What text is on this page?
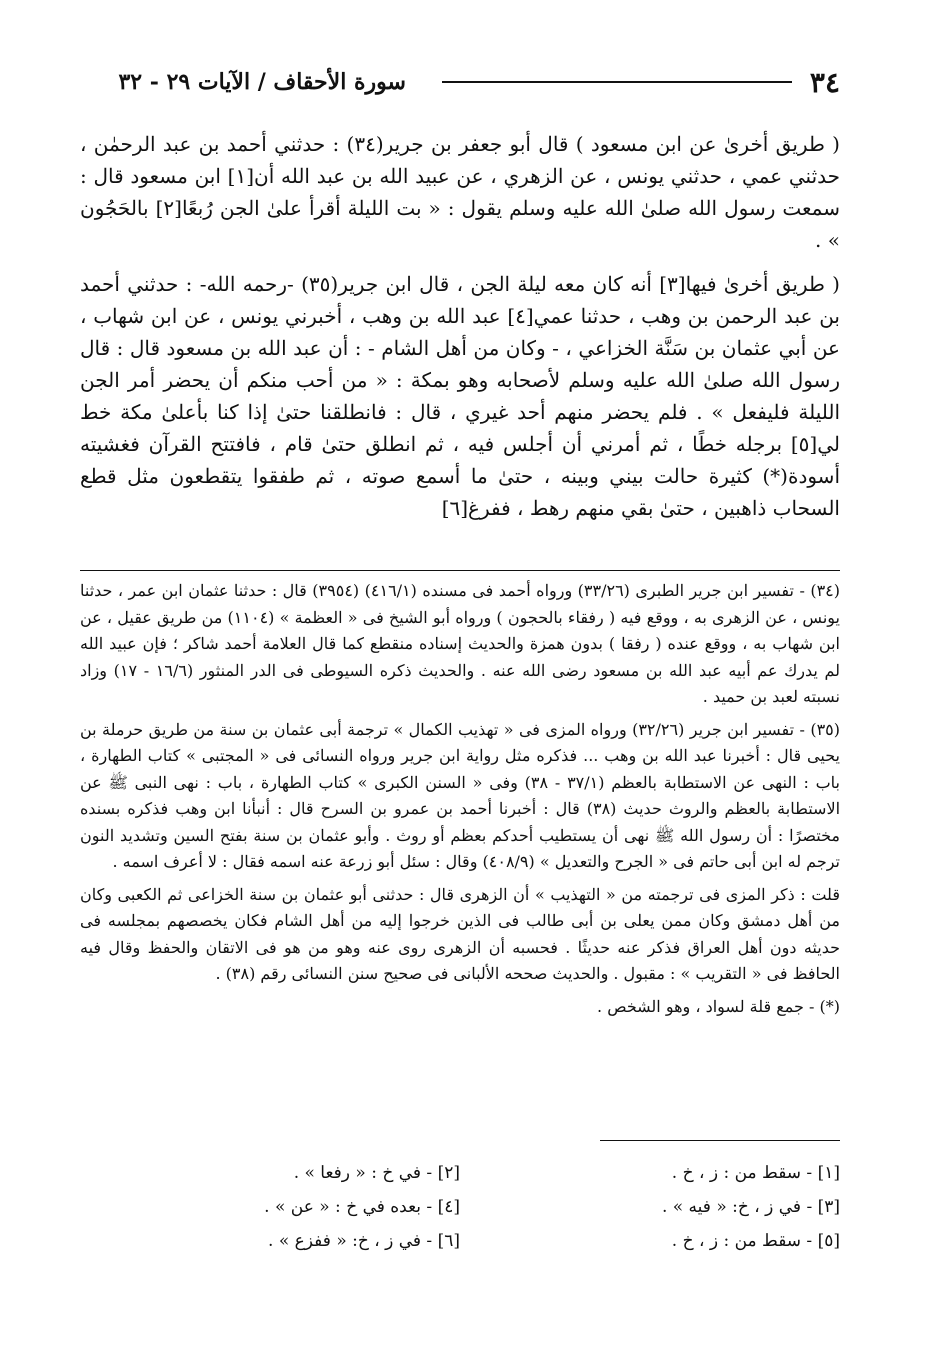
٣٤
سورة الأحقاف / الآيات ٢٩ - ٣٢

( طريق أخرىٰ عن ابن مسعود ) قال أبو جعفر بن جرير(٣٤) : حدثني أحمد بن عبد الرحمٰن ، حدثني عمي ، حدثني يونس ، عن الزهري ، عن عبيد الله بن عبد الله أن[١] ابن مسعود قال : سمعت رسول الله صلىٰ الله عليه وسلم يقول : « بت الليلة أقرأ علىٰ الجن رُبعًا[٢] بالحَجُون » .

( طريق أخرىٰ فيها[٣] أنه كان معه ليلة الجن ، قال ابن جرير(٣٥) -رحمه الله- : حدثني أحمد بن عبد الرحمن بن وهب ، حدثنا عمي[٤] عبد الله بن وهب ، أخبرني يونس ، عن ابن شهاب ، عن أبي عثمان بن سَنَّة الخزاعي ، - وكان من أهل الشام - : أن عبد الله بن مسعود قال : قال رسول الله صلىٰ الله عليه وسلم لأصحابه وهو بمكة : « من أحب منكم أن يحضر أمر الجن الليلة فليفعل » . فلم يحضر منهم أحد غيري ، قال : فانطلقنا حتىٰ إذا كنا بأعلىٰ مكة خط لي[٥] برجله خطًا ، ثم أمرني أن أجلس فيه ، ثم انطلق حتىٰ قام ، فافتتح القرآن فغشيته أسودة(*) كثيرة حالت بيني وبينه ، حتىٰ ما أسمع صوته ، ثم طفقوا يتقطعون مثل قطع السحاب ذاهبين ، حتىٰ بقي منهم رهط ، ففرغ[٦]

(٣٤) - تفسير ابن جرير الطبرى (٣٣/٢٦) ورواه أحمد فى مسنده (٤١٦/١) (٣٩٥٤) قال : حدثنا عثمان ابن عمر ، حدثنا يونس ، عن الزهرى به ، ووقع فيه ( رفقاء بالحجون ) ورواه أبو الشيخ فى « العظمة » (١١٠٤) من طريق عقيل ، عن ابن شهاب به ، ووقع عنده ( رفقا ) بدون همزة والحديث إسناده منقطع كما قال العلامة أحمد شاكر ؛ فإن عبيد الله لم يدرك عم أبيه عبد الله بن مسعود رضى الله عنه . والحديث ذكره السيوطى فى الدر المنثور (١٦/٦ - ١٧) وزاد نسبته لعبد بن حميد .

(٣٥) - تفسير ابن جرير (٣٢/٢٦) ورواه المزى فى « تهذيب الكمال » ترجمة أبى عثمان بن سنة من طريق حرملة بن يحيى قال : أخبرنا عبد الله بن وهب ... فذكره مثل رواية ابن جرير ورواه النسائى فى « المجتبى » كتاب الطهارة ، باب : النهى عن الاستطابة بالعظم (٣٧/١ - ٣٨) وفى « السنن الكبرى » كتاب الطهارة ، باب : نهى النبى ﷺ عن الاستطابة بالعظم والروث حديث (٣٨) قال : أخبرنا أحمد بن عمرو بن السرح قال : أنبأنا ابن وهب فذكره بسنده مختصرًا : أن رسول الله ﷺ نهى أن يستطيب أحدكم بعظم أو روث . وأبو عثمان بن سنة بفتح السين وتشديد النون ترجم له ابن أبى حاتم فى « الجرح والتعديل » (٤٠٨/٩) وقال : سئل أبو زرعة عنه اسمه فقال : لا أعرف اسمه .

قلت : ذكر المزى فى ترجمته من « التهذيب » أن الزهرى قال : حدثنى أبو عثمان بن سنة الخزاعى ثم الكعبى وكان من أهل دمشق وكان ممن يعلى بن أبى طالب فى الذين خرجوا إليه من أهل الشام فكان يخصصهم بمجلسه فى حديثه دون أهل العراق فذكر عنه حديثًا . فحسبه أن الزهرى روى عنه وهو من هو فى الاتقان والحفظ وقال فيه الحافظ فى « التقريب » : مقبول . والحديث صححه الألبانى فى صحيح سنن النسائى رقم (٣٨) .

(*) - جمع قلة لسواد ، وهو الشخص .

[١] - سقط من : ز ، خ .
[٢] - في خ : « رفعا » .
[٣] - في ز ، خ: « فيه » .
[٤] - بعده في خ : « عن » .
[٥] - سقط من : ز ، خ .
[٦] - في ز ، خ: « ففزع » .
